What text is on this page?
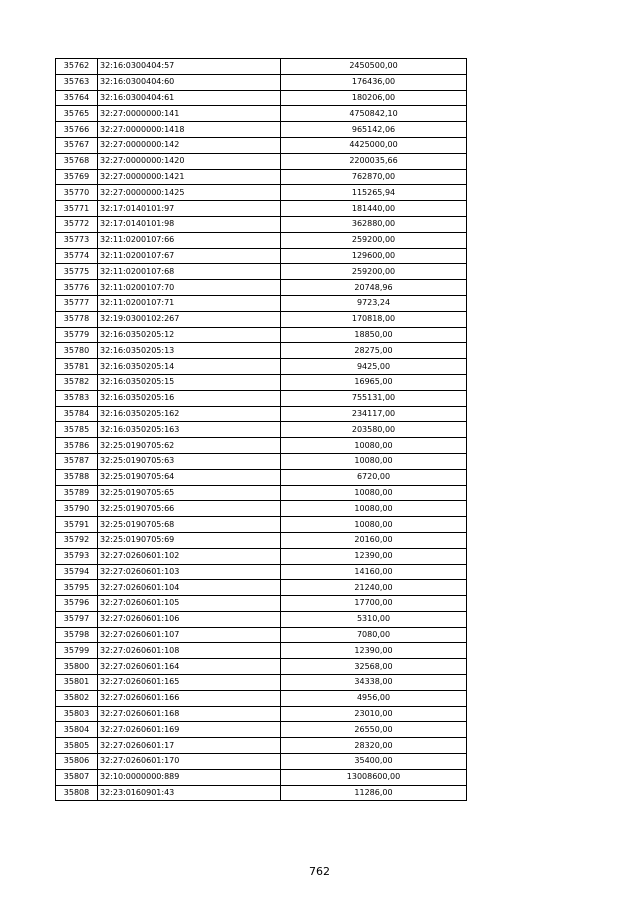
35762	32:16:0300404:57	2450500,00
35763	32:16:0300404:60	176436,00
35764	32:16:0300404:61	180206,00
35765	32:27:0000000:141	4750842,10
35766	32:27:0000000:1418	965142,06
35767	32:27:0000000:142	4425000,00
35768	32:27:0000000:1420	2200035,66
35769	32:27:0000000:1421	762870,00
35770	32:27:0000000:1425	115265,94
35771	32:17:0140101:97	181440,00
35772	32:17:0140101:98	362880,00
35773	32:11:0200107:66	259200,00
35774	32:11:0200107:67	129600,00
35775	32:11:0200107:68	259200,00
35776	32:11:0200107:70	20748,96
35777	32:11:0200107:71	9723,24
35778	32:19:0300102:267	170818,00
35779	32:16:0350205:12	18850,00
35780	32:16:0350205:13	28275,00
35781	32:16:0350205:14	9425,00
35782	32:16:0350205:15	16965,00
35783	32:16:0350205:16	755131,00
35784	32:16:0350205:162	234117,00
35785	32:16:0350205:163	203580,00
35786	32:25:0190705:62	10080,00
35787	32:25:0190705:63	10080,00
35788	32:25:0190705:64	6720,00
35789	32:25:0190705:65	10080,00
35790	32:25:0190705:66	10080,00
35791	32:25:0190705:68	10080,00
35792	32:25:0190705:69	20160,00
35793	32:27:0260601:102	12390,00
35794	32:27:0260601:103	14160,00
35795	32:27:0260601:104	21240,00
35796	32:27:0260601:105	17700,00
35797	32:27:0260601:106	5310,00
35798	32:27:0260601:107	7080,00
35799	32:27:0260601:108	12390,00
35800	32:27:0260601:164	32568,00
35801	32:27:0260601:165	34338,00
35802	32:27:0260601:166	4956,00
35803	32:27:0260601:168	23010,00
35804	32:27:0260601:169	26550,00
35805	32:27:0260601:17	28320,00
35806	32:27:0260601:170	35400,00
35807	32:10:0000000:889	13008600,00
35808	32:23:0160901:43	11286,00
762
